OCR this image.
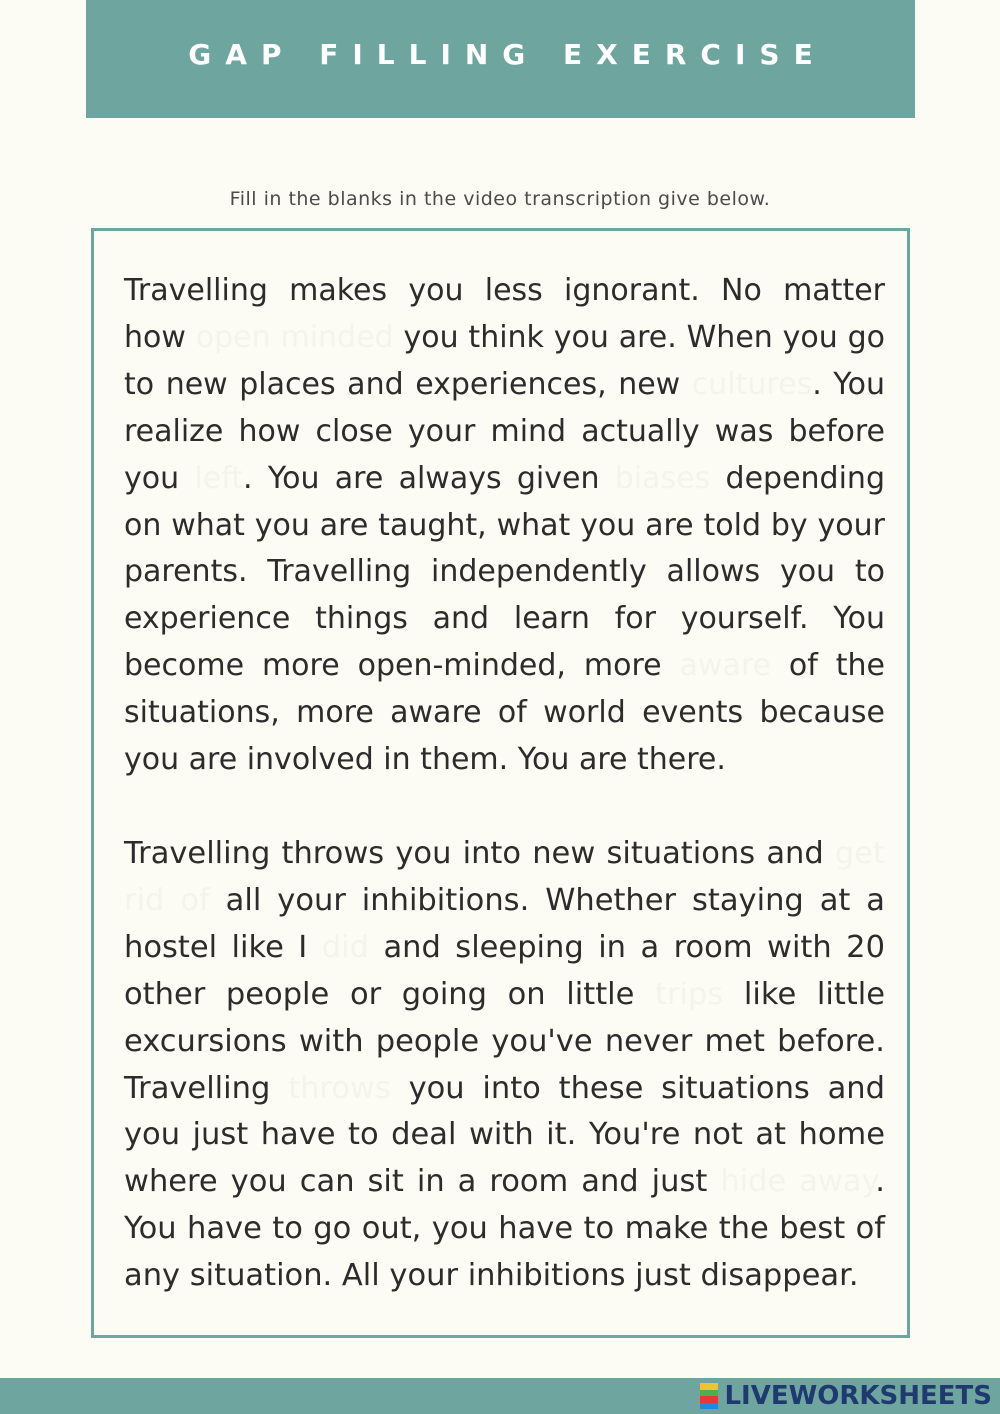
GAP FILLING EXERCISE
Fill in the blanks in the video transcription give below.

Travelling makes you less ignorant. No matter how open minded you think you are. When you go to new places and experiences, new cultures. You realize how close your mind actually was before you left. You are always given biases depending on what you are taught, what you are told by your parents. Travelling independently allows you to experience things and learn for yourself. You become more open-minded, more aware of the situations, more aware of world events because you are involved in them. You are there.

Travelling throws you into new situations and get rid of all your inhibitions. Whether staying at a hostel like I did and sleeping in a room with 20 other people or going on little trips like little excursions with people you've never met before. Travelling throws you into these situations and you just have to deal with it. You're not at home where you can sit in a room and just hide away. You have to go out, you have to make the best of any situation. All your inhibitions just disappear.

LIVEWORKSHEETS
